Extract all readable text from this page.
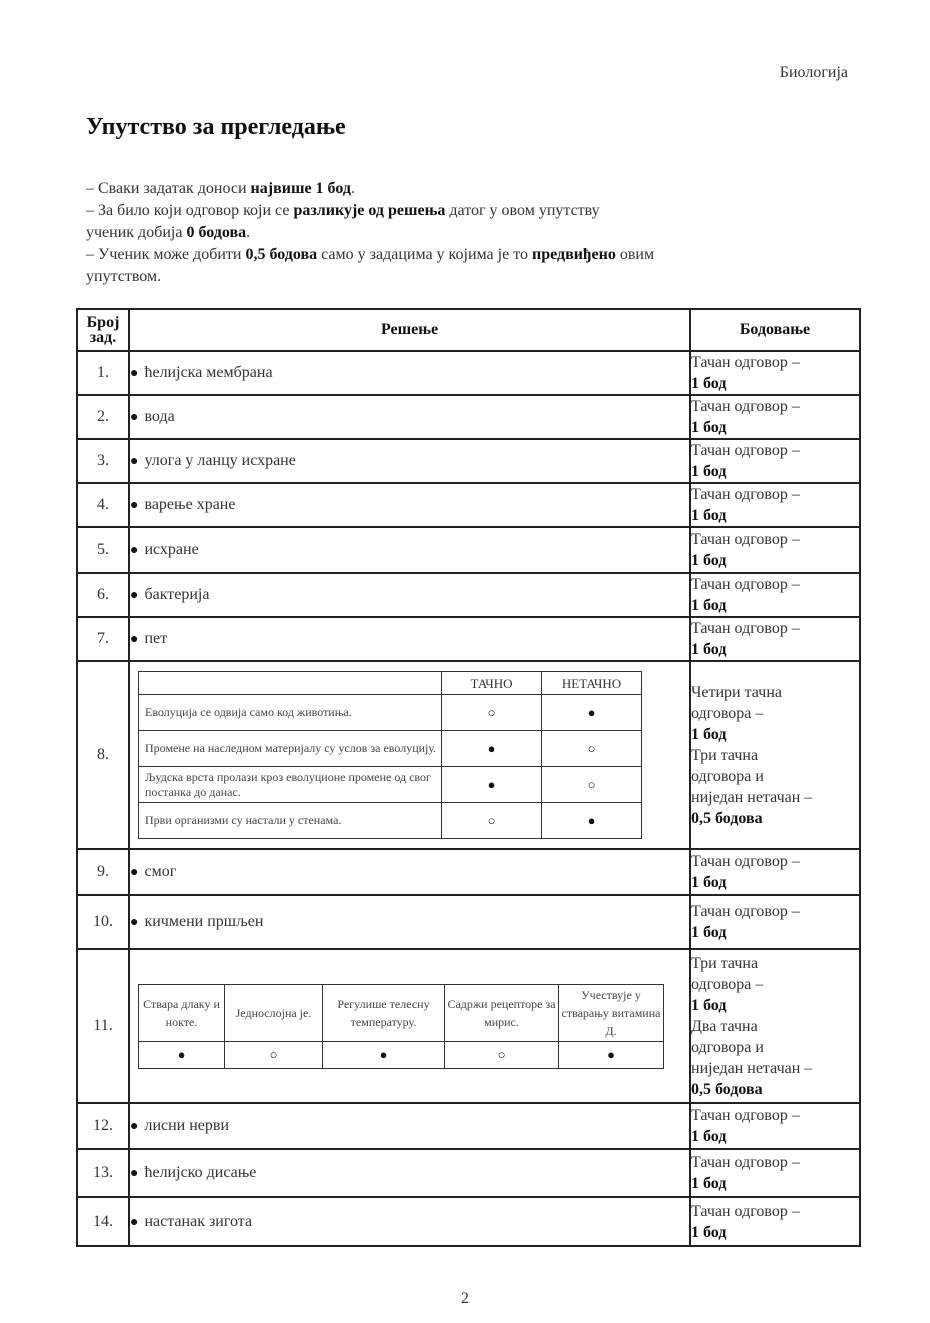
Биологија
Упутство за прегледање

– Сваки задатак доноси највише 1 бод.

– За било који одговор који се разликује од решења датог у овом упутству

ученик добија 0 бодова.

– Ученик може добити 0,5 бодова само у задацима у којима је то предвиђено овим

упутством.

Број зад.	Решење	Бодовање
1.	● ћелијска мембрана	
Тачан одговор –
1 бод

2.	● вода	
Тачан одговор –
1 бод

3.	● улога у ланцу исхране	
Тачан одговор –
1 бод

4.	● варење хране	
Тачан одговор –
1 бод

5.	● исхране	
Тачан одговор –
1 бод

6.	● бактерија	
Тачан одговор –
1 бод

7.	● пет	
Тачан одговор –
1 бод

8.	
	ТАЧНО	НЕТАЧНО
Еволуција се одвија само код животиња.	○	●
Промене на наследном материјалу су услов за еволуцију.	●	○
Људска врста пролази кроз еволуционе промене од свог постанка до данас.	●	○
Први организми су настали у стенама.	○	●

Четири тачна
одговора –
1 бод
Три тачна
одговора и
ниједан нетачан –
0,5 бодова

9.	● смог	
Тачан одговор –
1 бод

10.	● кичмени пршљен	
Тачан одговор –
1 бод

11.	
Ствара длаку и нокте.	Једнослојна је.	Регулише телесну температуру.	Садржи рецепторе за мирис.	Учествује у стварању витамина Д.
●	○	●	○	●

Три тачна
одговора –
1 бод
Два тачна
одговора и
ниједан нетачан –
0,5 бодова

12.	● лисни нерви	
Тачан одговор –
1 бод

13.	● ћелијско дисање	
Тачан одговор –
1 бод

14.	● настанак зигота	
Тачан одговор –
1 бод
2
